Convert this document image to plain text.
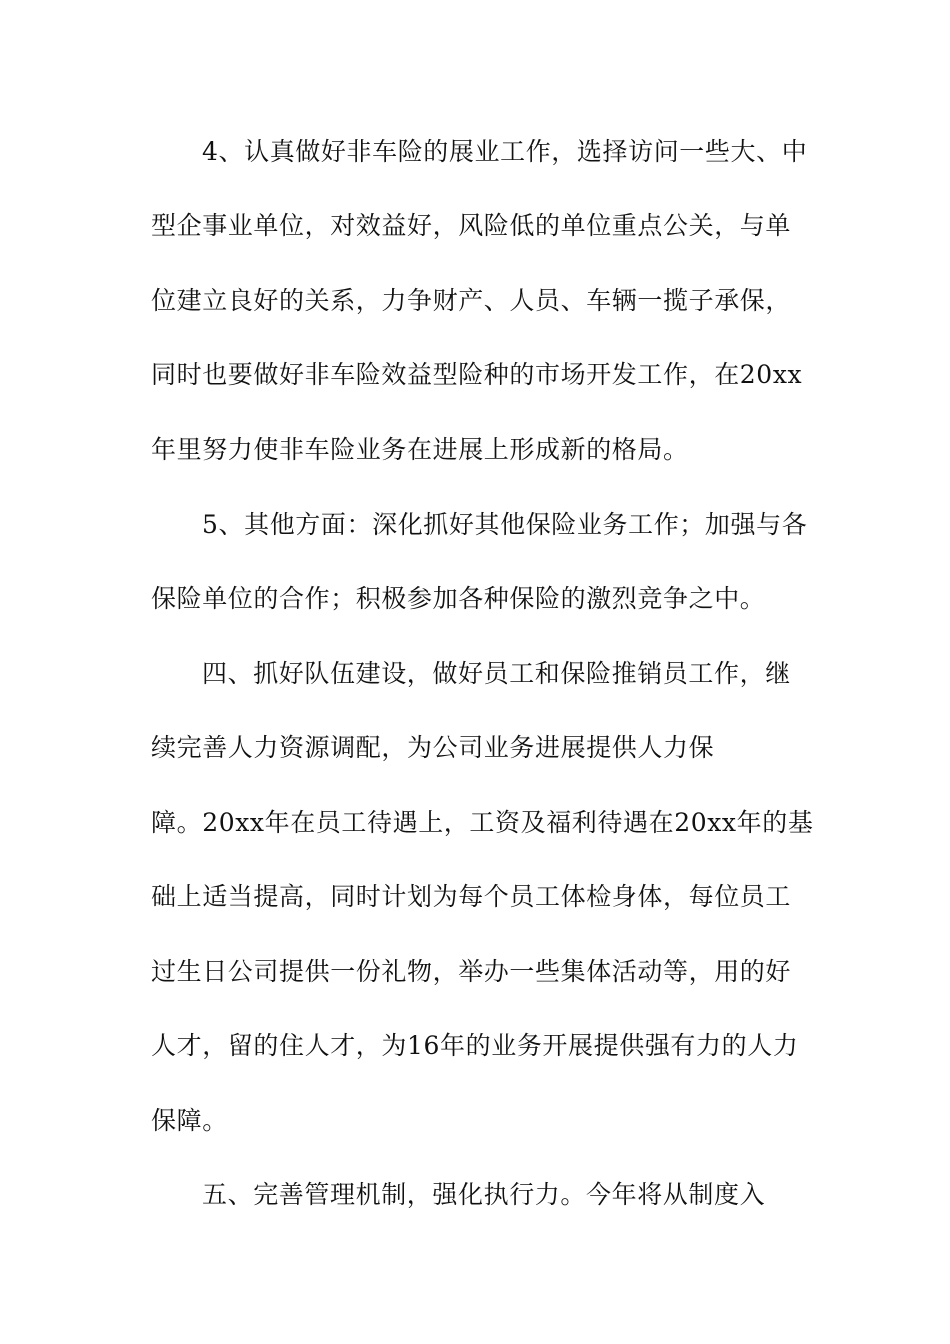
4、认真做好非车险的展业工作，选择访问一些大、中
型企事业单位，对效益好，风险低的单位重点公关，与单
位建立良好的关系，力争财产、人员、车辆一揽子承保，
同时也要做好非车险效益型险种的市场开发工作，在20xx
年里努力使非车险业务在进展上形成新的格局。
5、其他方面：深化抓好其他保险业务工作；加强与各
保险单位的合作；积极参加各种保险的激烈竞争之中。
四、抓好队伍建设，做好员工和保险推销员工作，继
续完善人力资源调配，为公司业务进展提供人力保
障。20xx年在员工待遇上，工资及福利待遇在20xx年的基
础上适当提高，同时计划为每个员工体检身体，每位员工
过生日公司提供一份礼物，举办一些集体活动等，用的好
人才，留的住人才，为16年的业务开展提供强有力的人力
保障。
五、完善管理机制，强化执行力。今年将从制度入
